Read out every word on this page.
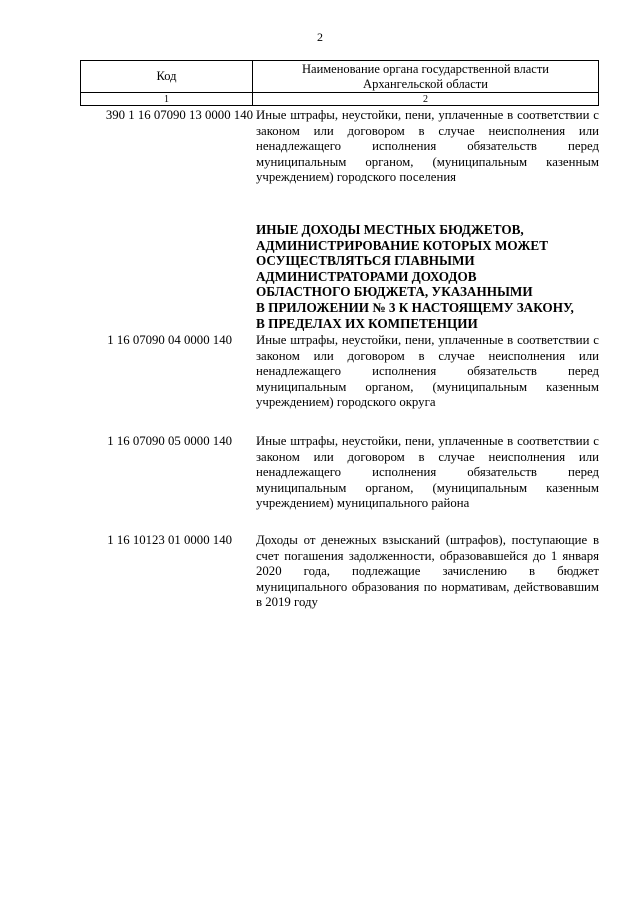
2
Код	Наименование органа государственной власти
Архангельской области

1	2
390 1 16 07090 13 0000 140 Иные штрафы, неустойки, пени, уплаченные в соответствии с законом или договором в случае неисполнения или ненадлежащего исполнения обязательств перед муниципальным органом, (муниципальным казенным учреждением) городского поселения
ИНЫЕ ДОХОДЫ МЕСТНЫХ БЮДЖЕТОВ,
АДМИНИСТРИРОВАНИЕ КОТОРЫХ МОЖЕТ
ОСУЩЕСТВЛЯТЬСЯ ГЛАВНЫМИ
АДМИНИСТРАТОРАМИ ДОХОДОВ
ОБЛАСТНОГО БЮДЖЕТА, УКАЗАННЫМИ
В ПРИЛОЖЕНИИ № 3 К НАСТОЯЩЕМУ ЗАКОНУ,
В ПРЕДЕЛАХ ИХ КОМПЕТЕНЦИИ
1 16 07090 04 0000 140 Иные штрафы, неустойки, пени, уплаченные в соответствии с законом или договором в случае неисполнения или ненадлежащего исполнения обязательств перед муниципальным органом, (муниципальным казенным учреждением) городского округа
1 16 07090 05 0000 140 Иные штрафы, неустойки, пени, уплаченные в соответствии с законом или договором в случае неисполнения или ненадлежащего исполнения обязательств перед муниципальным органом, (муниципальным казенным учреждением) муниципального района
1 16 10123 01 0000 140 Доходы от денежных взысканий (штрафов), поступающие в счет погашения задолженности, образовавшейся до 1 января 2020 года, подлежащие зачислению в бюджет муниципального образования по нормативам, действовавшим в 2019 году
